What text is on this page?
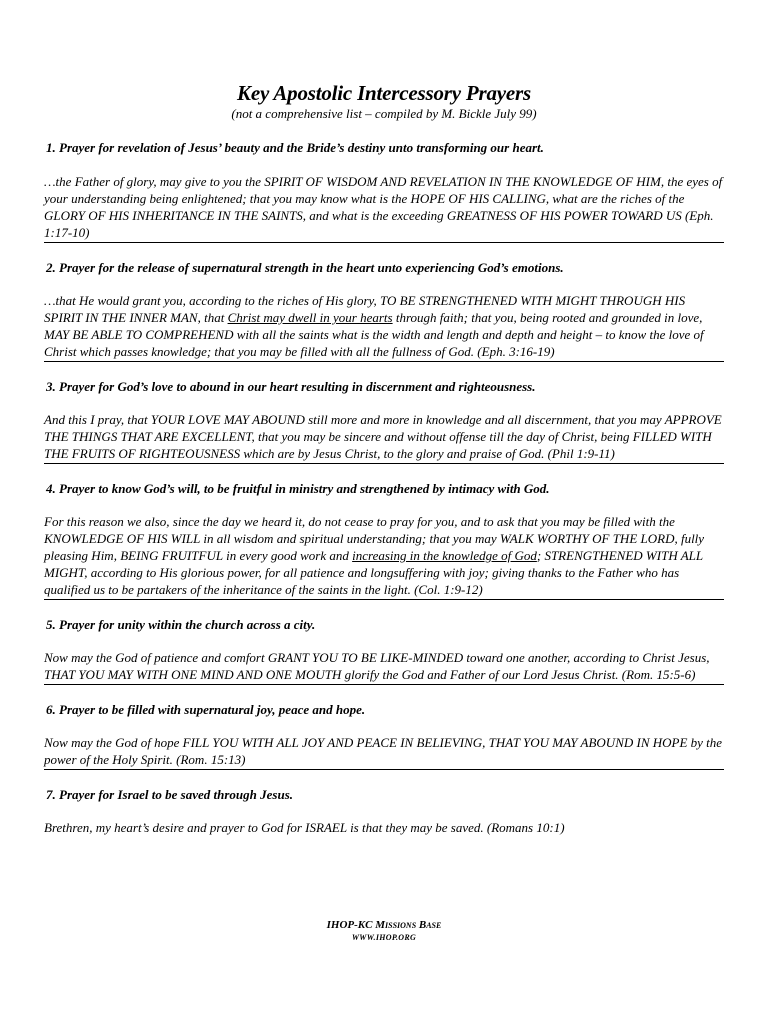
Key Apostolic Intercessory Prayers
(not a comprehensive list – compiled by M. Bickle July 99)
1. Prayer for revelation of Jesus’ beauty and the Bride’s destiny unto transforming our heart.
…the Father of glory, may give to you the SPIRIT OF WISDOM AND REVELATION IN THE KNOWLEDGE OF HIM, the eyes of your understanding being enlightened; that you may know what is the HOPE OF HIS CALLING, what are the riches of the GLORY OF HIS INHERITANCE IN THE SAINTS, and what is the exceeding GREATNESS OF HIS POWER TOWARD US (Eph. 1:17-10)
2. Prayer for the release of supernatural strength in the heart unto experiencing God’s emotions.
…that He would grant you, according to the riches of His glory, TO BE STRENGTHENED WITH MIGHT THROUGH HIS SPIRIT IN THE INNER MAN, that Christ may dwell in your hearts through faith; that you, being rooted and grounded in love, MAY BE ABLE TO COMPREHEND with all the saints what is the width and length and depth and height – to know the love of Christ which passes knowledge; that you may be filled with all the fullness of God. (Eph. 3:16-19)
3. Prayer for God’s love to abound in our heart resulting in discernment and righteousness.
And this I pray, that YOUR LOVE MAY ABOUND still more and more in knowledge and all discernment, that you may APPROVE THE THINGS THAT ARE EXCELLENT, that you may be sincere and without offense till the day of Christ, being FILLED WITH THE FRUITS OF RIGHTEOUSNESS which are by Jesus Christ, to the glory and praise of God. (Phil 1:9-11)
4. Prayer to know God’s will, to be fruitful in ministry and strengthened by intimacy with God.
For this reason we also, since the day we heard it, do not cease to pray for you, and to ask that you may be filled with the KNOWLEDGE OF HIS WILL in all wisdom and spiritual understanding; that you may WALK WORTHY OF THE LORD, fully pleasing Him, BEING FRUITFUL in every good work and increasing in the knowledge of God; STRENGTHENED WITH ALL MIGHT, according to His glorious power, for all patience and longsuffering with joy; giving thanks to the Father who has qualified us to be partakers of the inheritance of the saints in the light. (Col. 1:9-12)
5. Prayer for unity within the church across a city.
Now may the God of patience and comfort GRANT YOU TO BE LIKE-MINDED toward one another, according to Christ Jesus, THAT YOU MAY WITH ONE MIND AND ONE MOUTH glorify the God and Father of our Lord Jesus Christ. (Rom. 15:5-6)
6. Prayer to be filled with supernatural joy, peace and hope.
Now may the God of hope FILL YOU WITH ALL JOY AND PEACE IN BELIEVING, THAT YOU MAY ABOUND IN HOPE by the power of the Holy Spirit. (Rom. 15:13)
7. Prayer for Israel to be saved through Jesus.
Brethren, my heart’s desire and prayer to God for ISRAEL is that they may be saved. (Romans 10:1)
IHOP-KC Missions Base
WWW.IHOP.ORG
